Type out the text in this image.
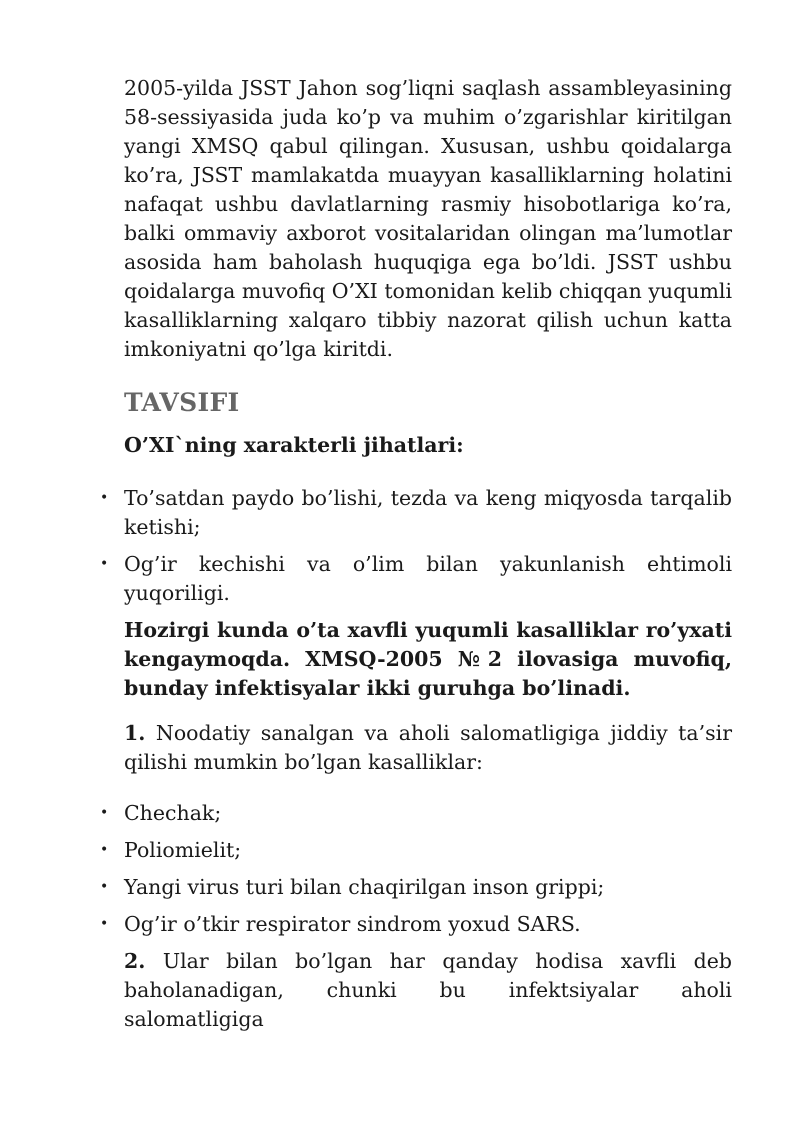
2005-yilda JSST Jahon sog’liqni saqlash assambleyasining 58-sessiyasida juda ko’p va muhim o’zgarishlar kiritilgan yangi XMSQ qabul qilingan. Xususan, ushbu qoidalarga ko’ra, JSST mamlakatda muayyan kasalliklarning holatini nafaqat ushbu davlatlarning rasmiy hisobotlariga ko’ra, balki ommaviy axborot vositalaridan olingan ma’lumotlar asosida ham baholash huquqiga ega bo’ldi. JSST ushbu qoidalarga muvofiq O’XI tomonidan kelib chiqqan yuqumli kasalliklarning xalqaro tibbiy nazorat qilish uchun katta imkoniyatni qo’lga kiritdi.

TAVSIFI

O’XI`ning xarakterli jihatlari:

• To’satdan paydo bo’lishi, tezda va keng miqyosda tarqalib ketishi;
• Og’ir kechishi va o’lim bilan yakunlanish ehtimoli yuqoriligi.

Hozirgi kunda o’ta xavfli yuqumli kasalliklar ro’yxati kengaymoqda. XMSQ-2005 №2 ilovasiga muvofiq, bunday infektisyalar ikki guruhga bo’linadi.

1. Noodatiy sanalgan va aholi salomatligiga jiddiy ta’sir qilishi mumkin bo’lgan kasalliklar:

• Chechak;
• Poliomielit;
• Yangi virus turi bilan chaqirilgan inson grippi;
• Og’ir o’tkir respirator sindrom yoxud SARS.

2. Ular bilan bo’lgan har qanday hodisa xavfli deb baholanadigan, chunki bu infektsiyalar aholi salomatligiga
